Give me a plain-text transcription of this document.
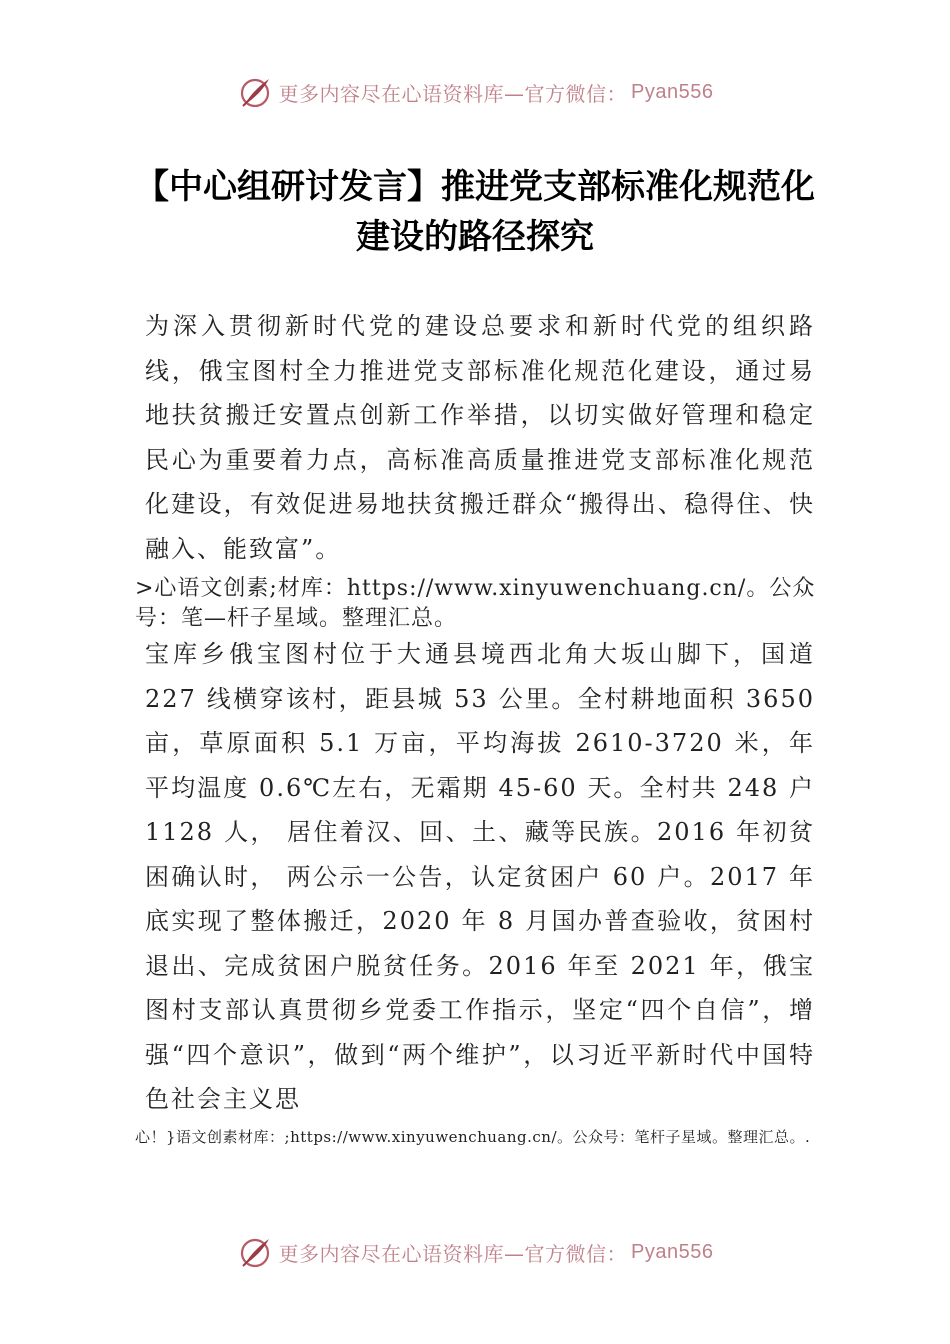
更多内容尽在心语资料库—官方微信： Pyan556
【中心组研讨发言】推进党支部标准化规范化建设的路径探究
为深入贯彻新时代党的建设总要求和新时代党的组织路线，俄宝图村全力推进党支部标准化规范化建设，通过易地扶贫搬迁安置点创新工作举措，以切实做好管理和稳定民心为重要着力点，高标准高质量推进党支部标准化规范化建设，有效促进易地扶贫搬迁群众“搬得出、稳得住、快融入、能致富”。
>心语文创素;材库：https://www.xinyuwenchuang.cn/。公众号：笔—杆子星域。整理汇总。
宝库乡俄宝图村位于大通县境西北角大坂山脚下，国道 227 线横穿该村，距县城 53 公里。全村耕地面积 3650 亩，草原面积 5.1 万亩，平均海拔 2610-3720 米，年平均温度 0.6℃左右，无霜期 45-60 天。全村共 248 户 1128 人， 居住着汉、回、土、藏等民族。2016 年初贫困确认时， 两公示一公告，认定贫困户 60 户。2017 年底实现了整体搬迁，2020 年 8 月国办普查验收，贫困村退出、完成贫困户脱贫任务。2016 年至 2021 年，俄宝图村支部认真贯彻乡党委工作指示，坚定“四个自信”，增强“四个意识”，做到“两个维护”，以习近平新时代中国特色社会主义思
心！}语文创素材库：;https://www.xinyuwenchuang.cn/。公众号：笔杆子星域。整理汇总。.
更多内容尽在心语资料库—官方微信： Pyan556
